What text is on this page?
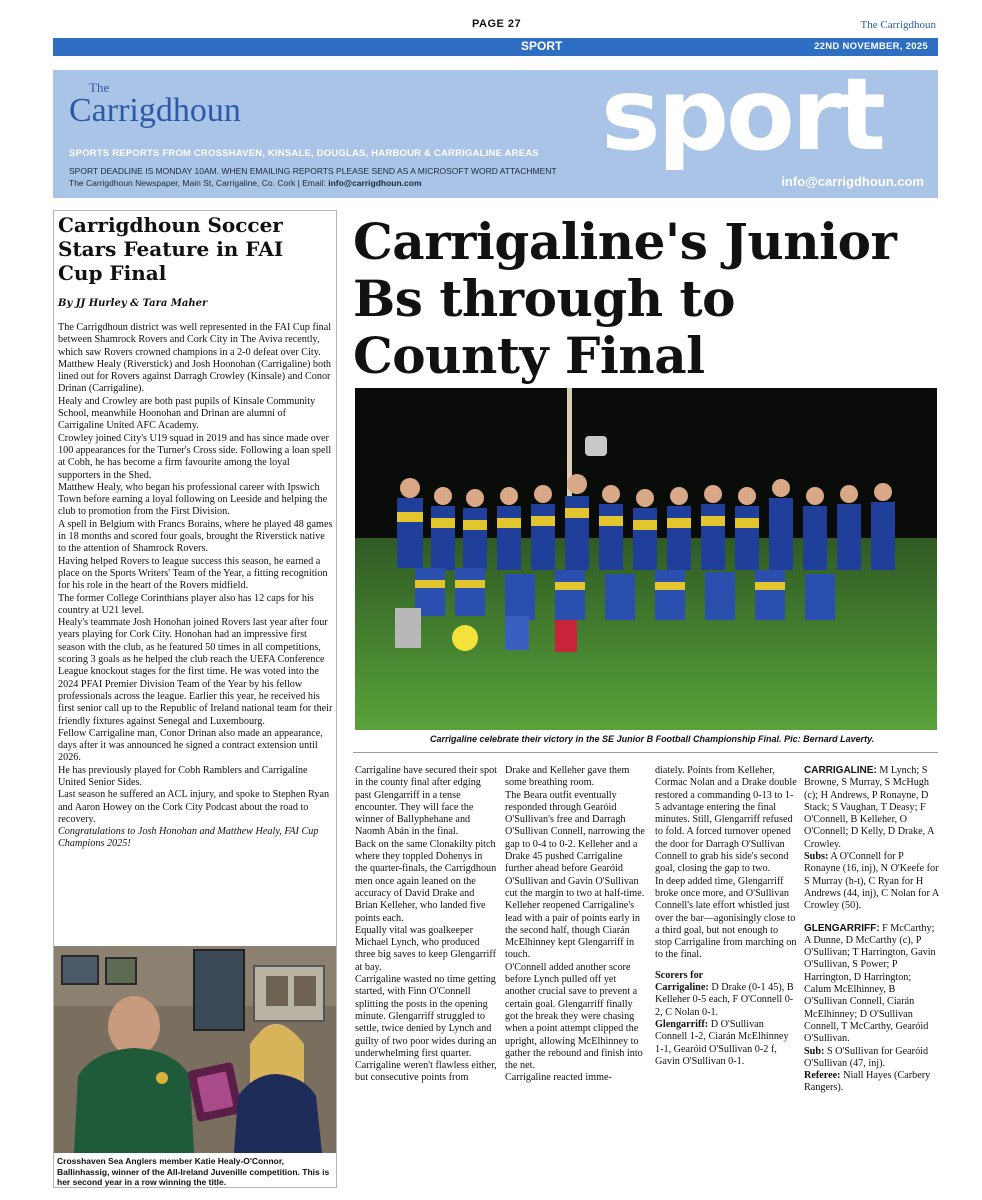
PAGE 27	The Carrigdhoun
SPORT	22ND NOVEMBER, 2025
The
Carrigdhoun
SPORTS REPORTS FROM CROSSHAVEN, KINSALE, DOUGLAS, HARBOUR & CARRIGALINE AREAS
SPORT DEADLINE IS MONDAY 10AM. WHEN EMAILING REPORTS PLEASE SEND AS A MICROSOFT WORD ATTACHMENT
The Carrigdhoun Newspaper, Main St, Carrigaline, Co. Cork | Email: info@carrigdhoun.com
sport
info@carrigdhoun.com
Carrigdhoun Soccer Stars Feature in FAI Cup Final
By JJ Hurley & Tara Maher

The Carrigdhoun district was well represented in the FAI Cup final between Shamrock Rovers and Cork City in The Aviva recently, which saw Rovers crowned champions in a 2-0 defeat over City.

Matthew Healy (Riverstick) and Josh Hoonohan (Carrigaline) both lined out for Rovers against Darragh Crowley (Kinsale) and Conor Drinan (Carrigaline).

Healy and Crowley are both past pupils of Kinsale Community School, meanwhile Hoonohan and Drinan are alumni of Carrigaline United AFC Academy.

Crowley joined City's U19 squad in 2019 and has since made over 100 appearances for the Turner's Cross side. Following a loan spell at Cobh, he has become a firm favourite among the loyal supporters in the Shed.

Matthew Healy, who began his professional career with Ipswich Town before earning a loyal following on Leeside and helping the club to promotion from the First Division.

A spell in Belgium with Francs Borains, where he played 48 games in 18 months and scored four goals, brought the Riverstick native to the attention of Shamrock Rovers.

Having helped Rovers to league success this season, he earned a place on the Sports Writers' Team of the Year, a fitting recognition for his role in the heart of the Rovers midfield.

The former College Corinthians player also has 12 caps for his country at U21 level.

Healy's teammate Josh Honohan joined Rovers last year after four years playing for Cork City. Honohan had an impressive first season with the club, as he featured 50 times in all competitions, scoring 3 goals as he helped the club reach the UEFA Conference League knockout stages for the first time. He was voted into the 2024 PFAI Premier Division Team of the Year by his fellow professionals across the league. Earlier this year, he received his first senior call up to the Republic of Ireland national team for their friendly fixtures against Senegal and Luxembourg.

Fellow Carrigaline man, Conor Drinan also made an appearance, days after it was announced he signed a contract extension until 2026.

He has previously played for Cobh Ramblers and Carrigaline United Senior Sides.

Last season he suffered an ACL injury, and spoke to Stephen Ryan and Aaron Howey on the Cork City Podcast about the road to recovery.

Congratulations to Josh Honohan and Matthew Healy, FAI Cup Champions 2025!

Crosshaven Sea Anglers member Katie Healy-O'Connor, Ballinhassig, winner of the All-Ireland Juvenille competition. This is her second year in a row winning the title.
Carrigaline's Junior Bs through to County Final
Carrigaline celebrate their victory in the SE Junior B Football Championship Final. Pic: Bernard Laverty.

Carrigaline have secured their spot in the county final after edging past Glengarriff in a tense encounter. They will face the winner of Ballyphehane and Naomh Abán in the final.

Back on the same Clonakilty pitch where they toppled Dohenys in the quarter-finals, the Carrigdhoun men once again leaned on the accuracy of David Drake and Brian Kelleher, who landed five points each.

Equally vital was goalkeeper Michael Lynch, who produced three big saves to keep Glengarriff at bay.

Carrigaline wasted no time getting started, with Finn O'Connell splitting the posts in the opening minute. Glengarriff struggled to settle, twice denied by Lynch and guilty of two poor wides during an underwhelming first quarter. Carrigaline weren't flawless either, but consecutive points from

Drake and Kelleher gave them some breathing room.

The Beara outfit eventually responded through Gearóid O'Sullivan's free and Darragh O'Sullivan Connell, narrowing the gap to 0-4 to 0-2. Kelleher and a Drake 45 pushed Carrigaline further ahead before Gearóid O'Sullivan and Gavin O'Sullivan cut the margin to two at half-time.

Kelleher reopened Carrigaline's lead with a pair of points early in the second half, though Ciarán McElhinney kept Glengarriff in touch.

O'Connell added another score before Lynch pulled off yet another crucial save to prevent a certain goal. Glengarriff finally got the break they were chasing when a point attempt clipped the upright, allowing McElhinney to gather the rebound and finish into the net.

Carrigaline reacted imme-

diately. Points from Kelleher, Cormac Nolan and a Drake double restored a commanding 0-13 to 1-5 advantage entering the final minutes. Still, Glengarriff refused to fold. A forced turnover opened the door for Darragh O'Sullivan Connell to grab his side's second goal, closing the gap to two.

In deep added time, Glengarriff broke once more, and O'Sullivan Connell's late effort whistled just over the bar—agonisingly close to a third goal, but not enough to stop Carrigaline from marching on to the final.

Scorers for

Carrigaline: D Drake (0-1 45), B Kelleher 0-5 each, F O'Connell 0-2, C Nolan 0-1.

Glengarriff: D O'Sullivan Connell 1-2, Ciarán McElhinney 1-1, Gearóid O'Sullivan 0-2 f, Gavin O'Sullivan 0-1.

CARRIGALINE: M Lynch; S Browne, S Murray, S McHugh (c); H Andrews, P Ronayne, D Stack; S Vaughan, T Deasy; F O'Connell, B Kelleher, O O'Connell; D Kelly, D Drake, A Crowley.

Subs: A O'Connell for P Ronayne (16, inj), N O'Keefe for S Murray (h-t), C Ryan for H Andrews (44, inj), C Nolan for A Crowley (50).

GLENGARRIFF: F McCarthy; A Dunne, D McCarthy (c), P O'Sullivan; T Harrington, Gavin O'Sullivan, S Power; P Harrington, D Harrington; Calum McElhinney, B O'Sullivan Connell, Ciarán McElhinney; D O'Sullivan Connell, T McCarthy, Gearóid O'Sullivan.

Sub: S O'Sullivan for Gearóid O'Sullivan (47, inj).

Referee: Niall Hayes (Carbery Rangers).
